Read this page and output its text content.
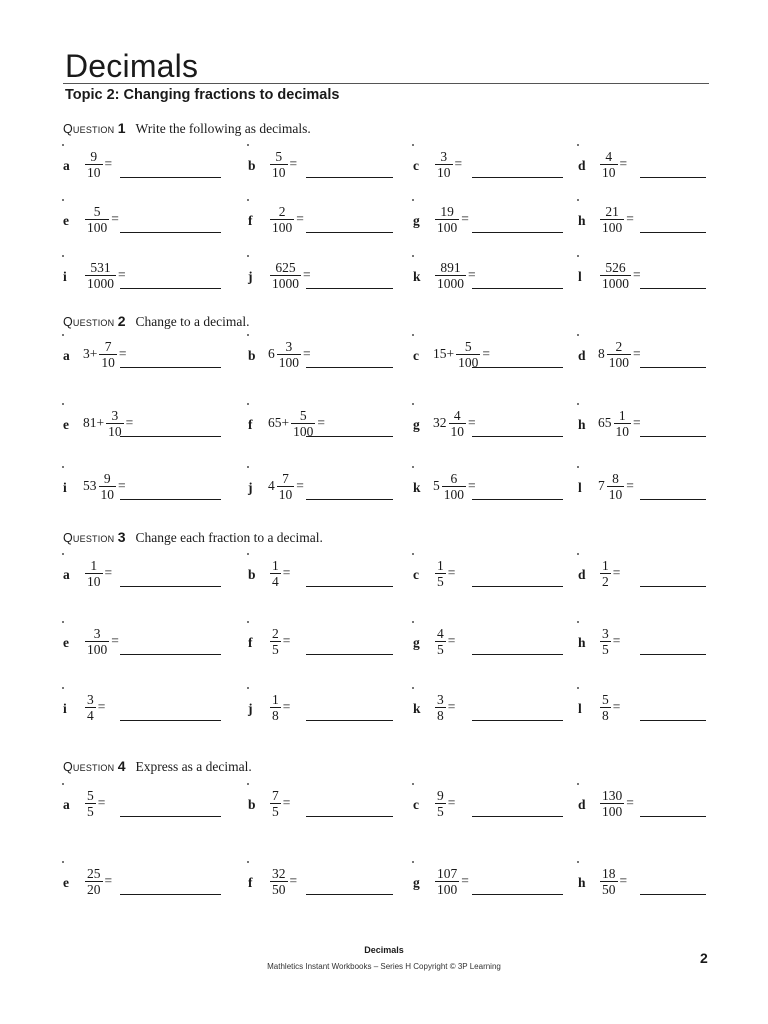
Decimals
Topic 2: Changing fractions to decimals
Question 1 Write the following as decimals.
a $\frac{9}{10}$ =	b $\frac{5}{10}$ =	c $\frac{3}{10}$ =	d $\frac{4}{10}$ =
e $\frac{5}{100}$ =	f $\frac{2}{100}$ =	g $\frac{19}{100}$ =	h $\frac{21}{100}$ =
i $\frac{531}{1000}$ =	j $\frac{625}{1000}$ =	k $\frac{891}{1000}$ =	l $\frac{526}{1000}$ =
Question 2 Change to a decimal.
a $3 + \frac{7}{10}$ =	b $6 \frac{3}{100}$ =	c $15 + \frac{5}{100}$ =	d $8 \frac{2}{100}$ =
e $81 + \frac{3}{10}$ =	f $65 + \frac{5}{100}$ =	g $32 \frac{4}{10}$ =	h $65 \frac{1}{10}$ =
i $53 \frac{9}{10}$ =	j $4 \frac{7}{10}$ =	k $5 \frac{6}{100}$ =	l $7 \frac{8}{10}$ =
Question 3 Change each fraction to a decimal.
a $\frac{1}{10}$ =	b $\frac{1}{4}$ =	c $\frac{1}{5}$ =	d $\frac{1}{2}$ =
e $\frac{3}{100}$ =	f $\frac{2}{5}$ =	g $\frac{4}{5}$ =	h $\frac{3}{5}$ =
i $\frac{3}{4}$ =	j $\frac{1}{8}$ =	k $\frac{3}{8}$ =	l $\frac{5}{8}$ =
Question 4 Express as a decimal.
a $\frac{5}{5}$ =	b $\frac{7}{5}$ =	c $\frac{9}{5}$ =	d $\frac{130}{100}$ =
e $\frac{25}{20}$ =	f $\frac{32}{50}$ =	g $\frac{107}{100}$ =	h $\frac{18}{50}$ =
Decimals
Mathletics Instant Workbooks – Series H Copyright © 3P Learning
2
